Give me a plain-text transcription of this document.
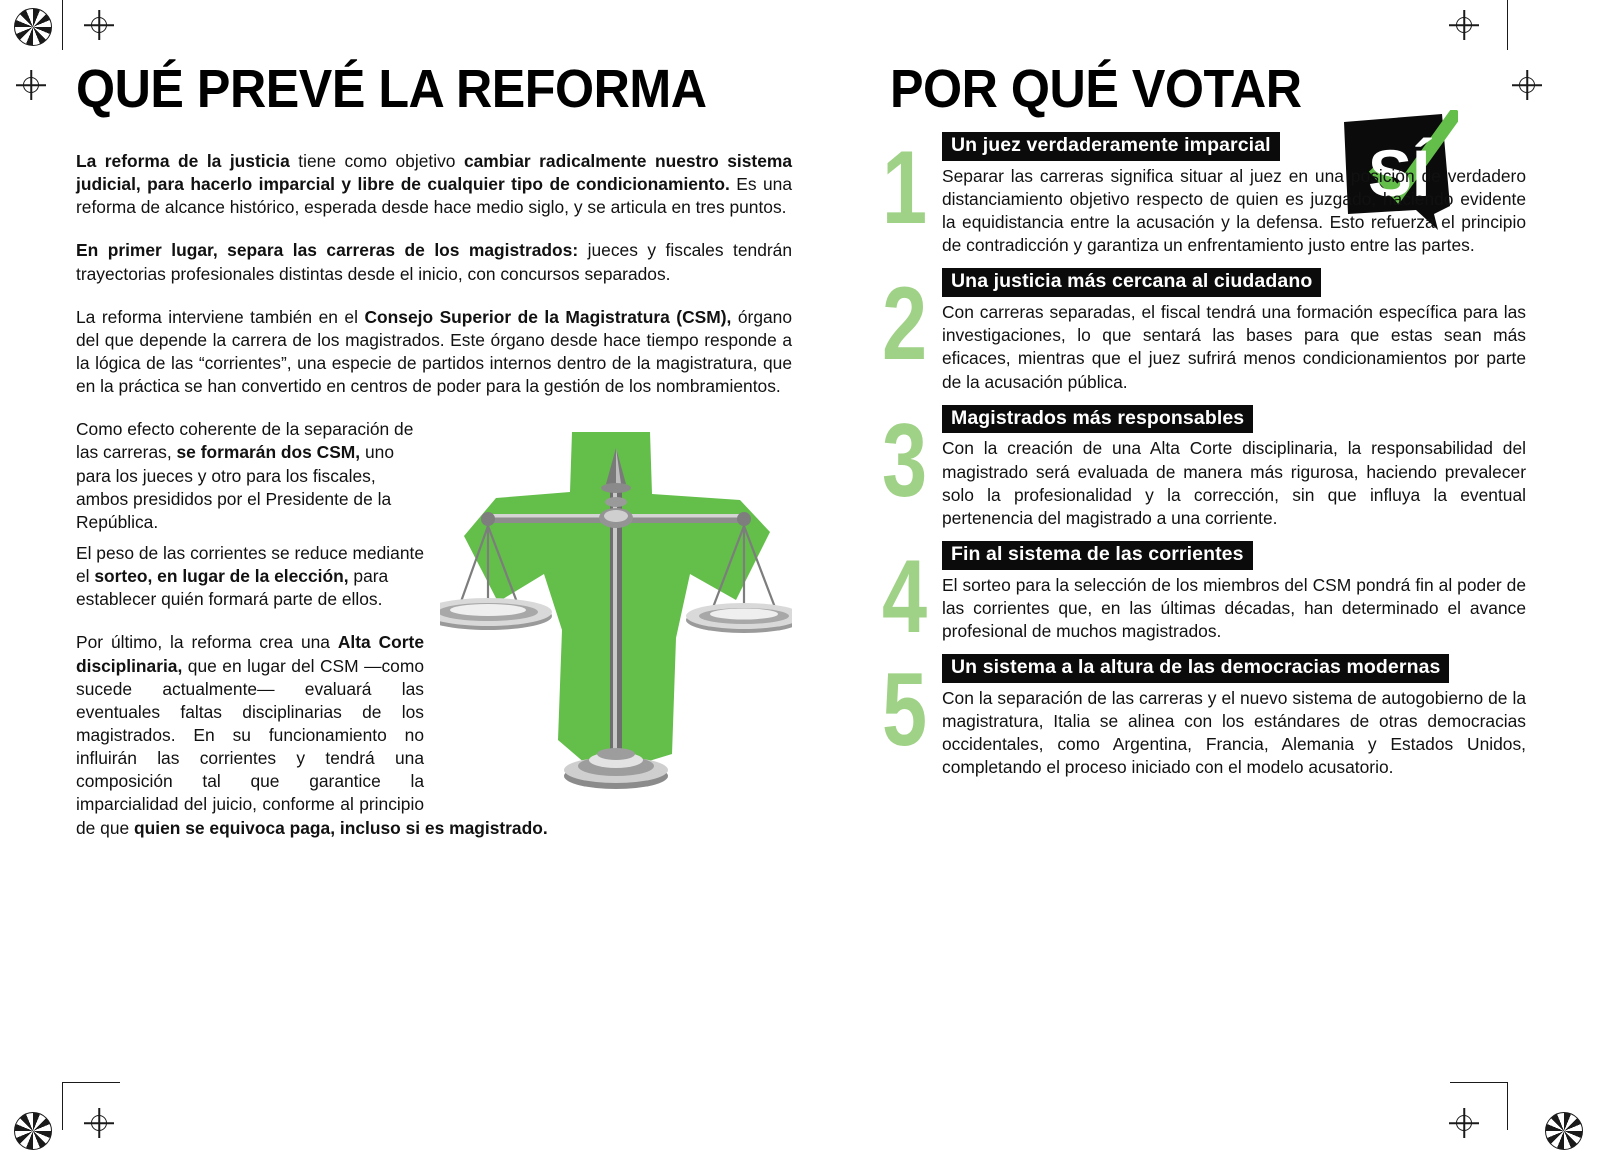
QUÉ PREVÉ LA REFORMA

La reforma de la justicia tiene como objetivo cambiar radicalmente nuestro sistema judicial, para hacerlo imparcial y libre de cualquier tipo de condicionamiento. Es una reforma de alcance histórico, esperada desde hace medio siglo, y se articula en tres puntos.

En primer lugar, separa las carreras de los magistrados: jueces y fiscales tendrán trayectorias profesionales distintas desde el inicio, con concursos separados.

La reforma interviene también en el Consejo Superior de la Magistratura (CSM), órgano del que depende la carrera de los magistrados. Este órgano desde hace tiempo responde a la lógica de las “corrientes”, una especie de partidos internos dentro de la magistratura, que en la práctica se han convertido en centros de poder para la gestión de los nombramientos.

Como efecto coherente de la separación de las carreras, se formarán dos CSM, uno para los jueces y otro para los fiscales, ambos presididos por el Presidente de la República.

El peso de las corrientes se reduce mediante el sorteo, en lugar de la elección, para establecer quién formará parte de ellos.

Por último, la reforma crea una Alta Corte disciplinaria, que en lugar del CSM —como sucede actualmente— evaluará las eventuales faltas disciplinarias de los magistrados. En su funcionamiento no influirán las corrientes y tendrá una composición tal que garantice la imparcialidad del juicio, conforme al principio de que quien se equivoca paga, incluso si es magistrado.

POR QUÉ VOTAR
SÍ
1 Un juez verdaderamente imparcial

Separar las carreras significa situar al juez en una posición de verdadero distanciamiento objetivo respecto de quien es juzgado, haciendo evidente la equidistancia entre la acusación y la defensa. Esto refuerza el principio de contradicción y garantiza un enfrentamiento justo entre las partes.

2 Una justicia más cercana al ciudadano

Con carreras separadas, el fiscal tendrá una formación específica para las investigaciones, lo que sentará las bases para que estas sean más eficaces, mientras que el juez sufrirá menos condicionamientos por parte de la acusación pública.

3 Magistrados más responsables

Con la creación de una Alta Corte disciplinaria, la responsabilidad del magistrado será evaluada de manera más rigurosa, haciendo prevalecer solo la profesionalidad y la corrección, sin que influya la eventual pertenencia del magistrado a una corriente.

4 Fin al sistema de las corrientes

El sorteo para la selección de los miembros del CSM pondrá fin al poder de las corrientes que, en las últimas décadas, han determinado el avance profesional de muchos magistrados.

5 Un sistema a la altura de las democracias modernas

Con la separación de las carreras y el nuevo sistema de autogobierno de la magistratura, Italia se alinea con los estándares de otras democracias occidentales, como Argentina, Francia, Alemania y Estados Unidos, completando el proceso iniciado con el modelo acusatorio.
